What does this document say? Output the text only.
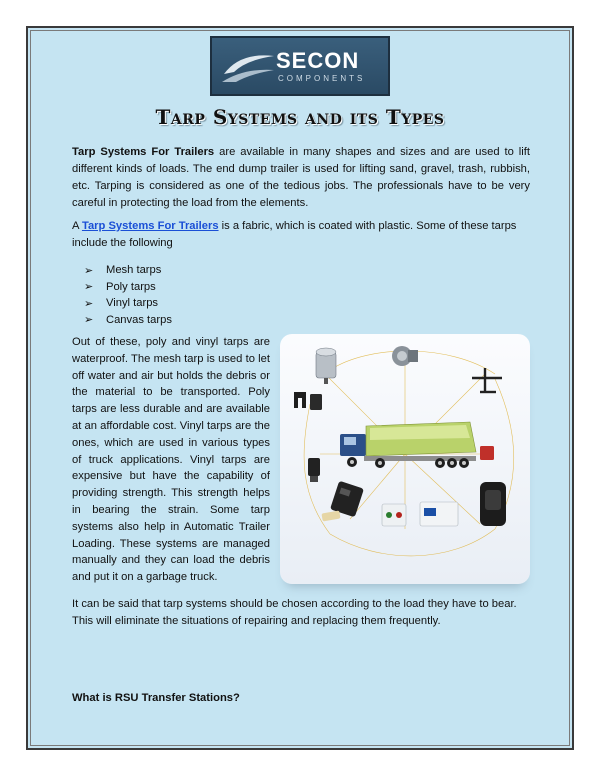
SECON
COMPONENTS
Tarp Systems and its Types

Tarp Systems For Trailers are available in many shapes and sizes and are used to lift different kinds of loads. The end dump trailer is used for lifting sand, gravel, trash, rubbish, etc. Tarping is considered as one of the tedious jobs. The professionals have to be very careful in protecting the load from the elements.

A Tarp Systems For Trailers is a fabric, which is coated with plastic. Some of these tarps include the following

➢	Mesh tarps
➢	Poly tarps
➢	Vinyl tarps
➢	Canvas tarps

Out of these, poly and vinyl tarps are waterproof. The mesh tarp is used to let off water and air but holds the debris or the material to be transported. Poly tarps are less durable and are available at an affordable cost. Vinyl tarps are the ones, which are used in various types of truck applications. Vinyl tarps are expensive but have the capability of providing strength. This strength helps in bearing the strain. Some tarp systems also help in Automatic Trailer Loading. These systems are managed manually and they can load the debris and put it on a garbage truck.

It can be said that tarp systems should be chosen according to the load they have to bear. This will eliminate the situations of repairing and replacing them frequently.

What is RSU Transfer Stations?
